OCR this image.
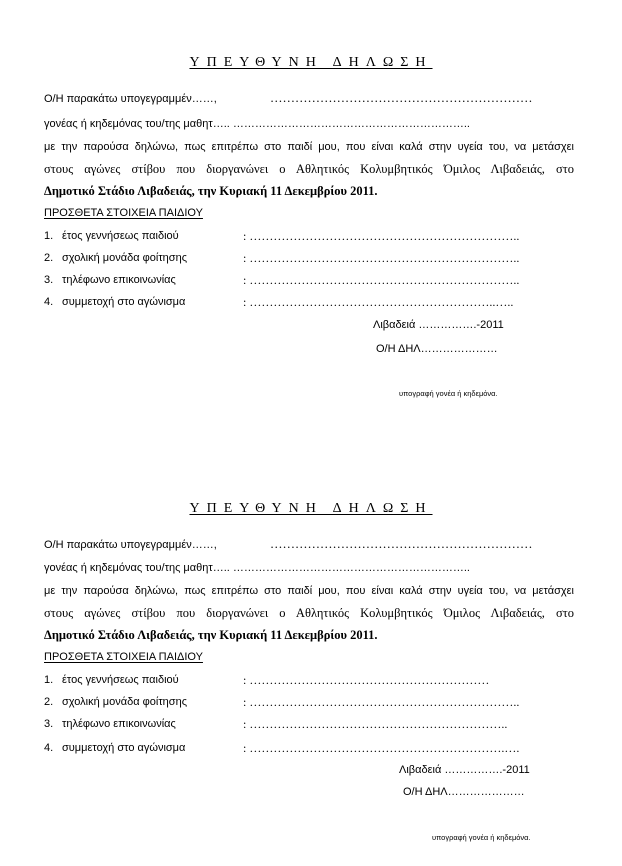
ΥΠΕΥΘΥΝΗ ΔΗΛΩΣΗ
Ο/Η παρακάτω υπογεγραμμέν……,	………………………………………………………
γονέας ή κηδεμόνας του/της μαθητ….. ………………………………………………………..
με την παρούσα δηλώνω, πως επιτρέπω στο παιδί μου, που είναι καλά στην υγεία του, να μετάσχει
στους αγώνες στίβου που διοργανώνει ο Αθλητικός Κολυμβητικός Όμιλος Λιβαδειάς, στο
Δημοτικό Στάδιο Λιβαδειάς, την Κυριακή 11 Δεκεμβρίου 2011.
ΠΡΟΣΘΕΤΑ ΣΤΟΙΧΕΙΑ ΠΑΙΔΙΟΥ
1. έτος γεννήσεως παιδιού	: …………………………………………………………..
2. σχολική μονάδα φοίτησης	: …………………………………………………………..
3. τηλέφωνο επικοινωνίας	: …………………………………………………………..
4. συμμετοχή στο αγώνισμα	: ……………………………………………………..…..
Λιβαδειά …………….-2011
Ο/Η ΔΗΛ…………………
υπογραφή γονέα ή κηδεμόνα.
ΥΠΕΥΘΥΝΗ ΔΗΛΩΣΗ
Ο/Η παρακάτω υπογεγραμμέν……,	………………………………………………………
γονέας ή κηδεμόνας του/της μαθητ….. ………………………………………………………..
με την παρούσα δηλώνω, πως επιτρέπω στο παιδί μου, που είναι καλά στην υγεία του, να μετάσχει
στους αγώνες στίβου που διοργανώνει ο Αθλητικός Κολυμβητικός Όμιλος Λιβαδειάς, στο
Δημοτικό Στάδιο Λιβαδειάς, την Κυριακή 11 Δεκεμβρίου 2011.
ΠΡΟΣΘΕΤΑ ΣΤΟΙΧΕΙΑ ΠΑΙΔΙΟΥ
1. έτος γεννήσεως παιδιού	: ……………………………………………………
2. σχολική μονάδα φοίτησης	: …………………………………………………………..
3. τηλέφωνο επικοινωνίας	: ………………………………………………………..
4. συμμετοχή στο αγώνισμα	: ……………………………………………………….….
Λιβαδειά …………….-2011
Ο/Η ΔΗΛ…………………
υπογραφή γονέα ή κηδεμόνα.
